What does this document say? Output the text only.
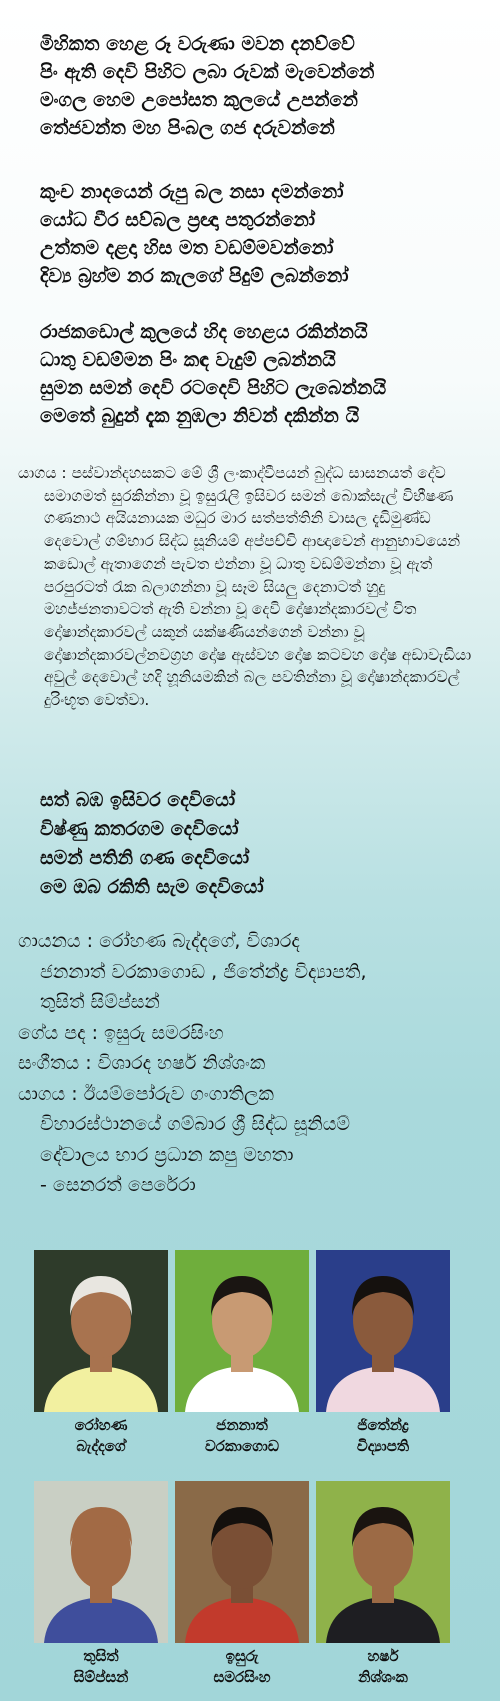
මිහිකත හෙළ රූ වරුණා මවන දනව්වේ
පිං ඇති දෙවි පිහිට ලබා රුවක් මැවෙන්නේ
මංගල හෙම උපෝසත කුලයේ උපන්නේ
තේජවන්ත මහ පිංබල ගජ දරුවන්නේ
කුංච නාදයෙන් රුපු බල නසා දමන්නෝ
යෝධ වීර සව්බල ප්‍රඥා පතුරන්නෝ
උත්තම දළදා හිස මත වඩම්මවන්නෝ
දිව්‍ය බ්‍රහ්ම නර කැලගේ පිදුම් ලබන්නෝ
රාජකඩොල් කුලයේ හිද හෙළය රකින්නයි
ධාතු වඩම්මන පිං කඳ වැදුම් ලබන්නයි
සුමන සමන් දෙවි රටදෙවි පිහිට ලැබෙන්නයි
මෙතේ බුදුන් දැක නුඹලා නිවන් දකින්න යි
යාගය : පස්වාන්දහසකට මේ ශ්‍රී ලංකාද්වීපයන් බුද්ධ සාසනයත් දේව සමාගමත් සුරකින්නා වූ ඉසුරැලි ඉසිවර සමන් බොක්සැල් විභීෂණ ගණනාථ අයියනායක මධුර මාර සත්පත්තිනි වාසල දැඩිමුණ්ඩ දෙවොල් ගම්භාර සිද්ධ සූනියම් අප්පච්චි ආඥාවෙන් ආනුභාවයෙන් කඩොල් ඇතාගෙන් පැවත එන්නා වූ ධාතු වඩම්මන්නා වූ ඇත් පරපුරටත් රැක බලාගන්නා වූ සෑම සියලු දෙනාටත් හුදු මහජ්ජනතාවටත් ඇති වන්නා වූ දෙවි දෝෂාන්දකාරවල් විත දෝෂාන්දකාරවල් යකුන් යක්ෂණියන්ගෙන් වන්නා වූ දෝෂාන්දකාරවල්නවග්‍රහ දෝෂ ඇස්වහ දෝෂ කටවහ දෝෂ අඩාවැඩියා අවුල් දෙවොල් හදි හූනියමකින් බල පවතින්නා වූ දෝෂාන්දකාරවල් දුරිංභූත වෙත්වා.
සත් බඹ ඉසිවර දෙවියෝ
විෂ්ණු කතරගම දෙවියෝ
සමන් පතිනි ගණ දෙවියෝ
මෙ ඔබ රකිති සැම දෙවියෝ
ගායනය : රෝහණ බැද්දගේ, විශාරද
ජනනාත් වරකාගොඩ , ජිතේන්ද්‍ර විද්‍යාපති,
තුසිත් සිම්ප්සන්
ගේය පද : ඉසුරු සමරසිංහ
සංගීතය : විශාරද හර්ෂ නිශ්ශංක
යාගය : ඊයම්පෝරුව ගංගාතිලක
විහාරස්ථානයේ ගම්බාර ශ්‍රී සිද්ධ සූනියම්
දේවාලය භාර ප්‍රධාන කපු මහතා
- සෙනරත් පෙරේරා
රෝහණ
බැද්දගේ
ජනනාත්
වරකාගොඩ
ජිතේන්ද්‍ර
විද්‍යාපති
තුසිත්
සිම්ප්සන්
ඉසුරු
සමරසිංහ
හර්ෂ
නිශ්ශංක
